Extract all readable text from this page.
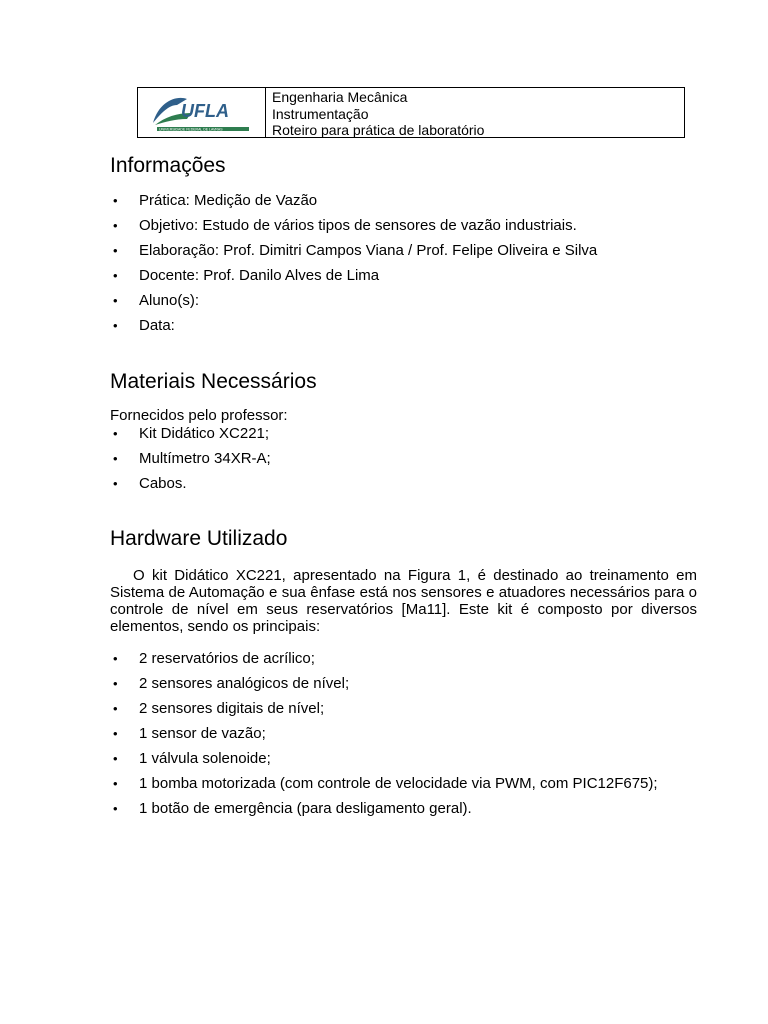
UFLA
UNIVERSIDADE FEDERAL DE LAVRAS
Engenharia Mecânica
Instrumentação
Roteiro para prática de laboratório
Informações
• Prática: Medição de Vazão
• Objetivo: Estudo de vários tipos de sensores de vazão industriais.
• Elaboração: Prof. Dimitri Campos Viana / Prof. Felipe Oliveira e Silva
• Docente: Prof. Danilo Alves de Lima
• Aluno(s):
• Data:
Materiais Necessários
Fornecidos pelo professor:
• Kit Didático XC221;
• Multímetro 34XR-A;
• Cabos.
Hardware Utilizado

O kit Didático XC221, apresentado na Figura 1, é destinado ao treinamento em Sistema de Automação e sua ênfase está nos sensores e atuadores necessários para o controle de nível em seus reservatórios [Ma11]. Este kit é composto por diversos elementos, sendo os principais:

• 2 reservatórios de acrílico;
• 2 sensores analógicos de nível;
• 2 sensores digitais de nível;
• 1 sensor de vazão;
• 1 válvula solenoide;
• 1 bomba motorizada (com controle de velocidade via PWM, com PIC12F675);
• 1 botão de emergência (para desligamento geral).
